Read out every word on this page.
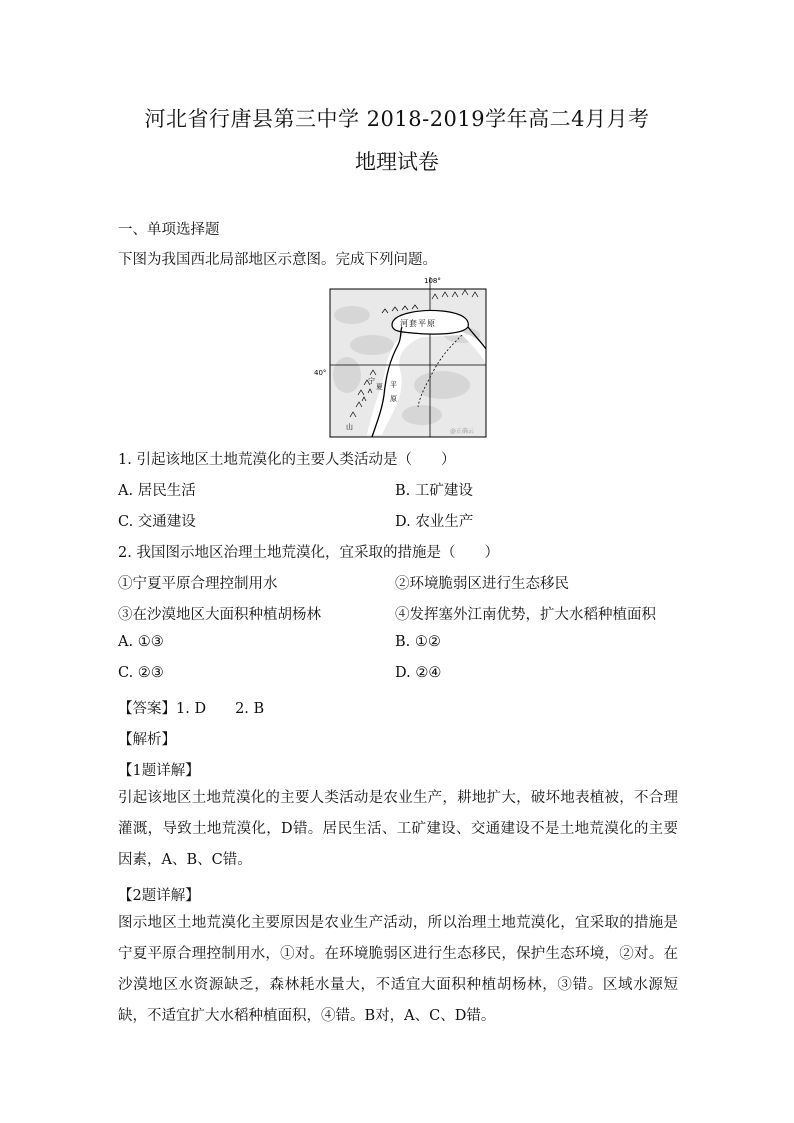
河北省行唐县第三中学 2018-2019学年高二4月月考
地理试卷
一、单项选择题
下图为我国西北局部地区示意图。完成下列问题。
108°
40°
河套平原
宁
夏 平
原
山
@正确云
1. 引起该地区土地荒漠化的主要人类活动是（　　）
A. 居民生活	B. 工矿建设
C. 交通建设	D. 农业生产
2. 我国图示地区治理土地荒漠化，宜采取的措施是（　　）
①宁夏平原合理控制用水	②环境脆弱区进行生态移民
③在沙漠地区大面积种植胡杨林	④发挥塞外江南优势，扩大水稻种植面积
A. ①③	B. ①②
C. ②③	D. ②④
【答案】1. D　　2. B
【解析】
【1题详解】
引起该地区土地荒漠化的主要人类活动是农业生产，耕地扩大，破坏地表植被，不合理灌溉，导致土地荒漠化，D错。居民生活、工矿建设、交通建设不是土地荒漠化的主要因素，A、B、C错。
【2题详解】
图示地区土地荒漠化主要原因是农业生产活动，所以治理土地荒漠化，宜采取的措施是宁夏平原合理控制用水，①对。在环境脆弱区进行生态移民，保护生态环境，②对。在沙漠地区水资源缺乏，森林耗水量大，不适宜大面积种植胡杨林，③错。区域水源短缺，不适宜扩大水稻种植面积，④错。B对，A、C、D错。
